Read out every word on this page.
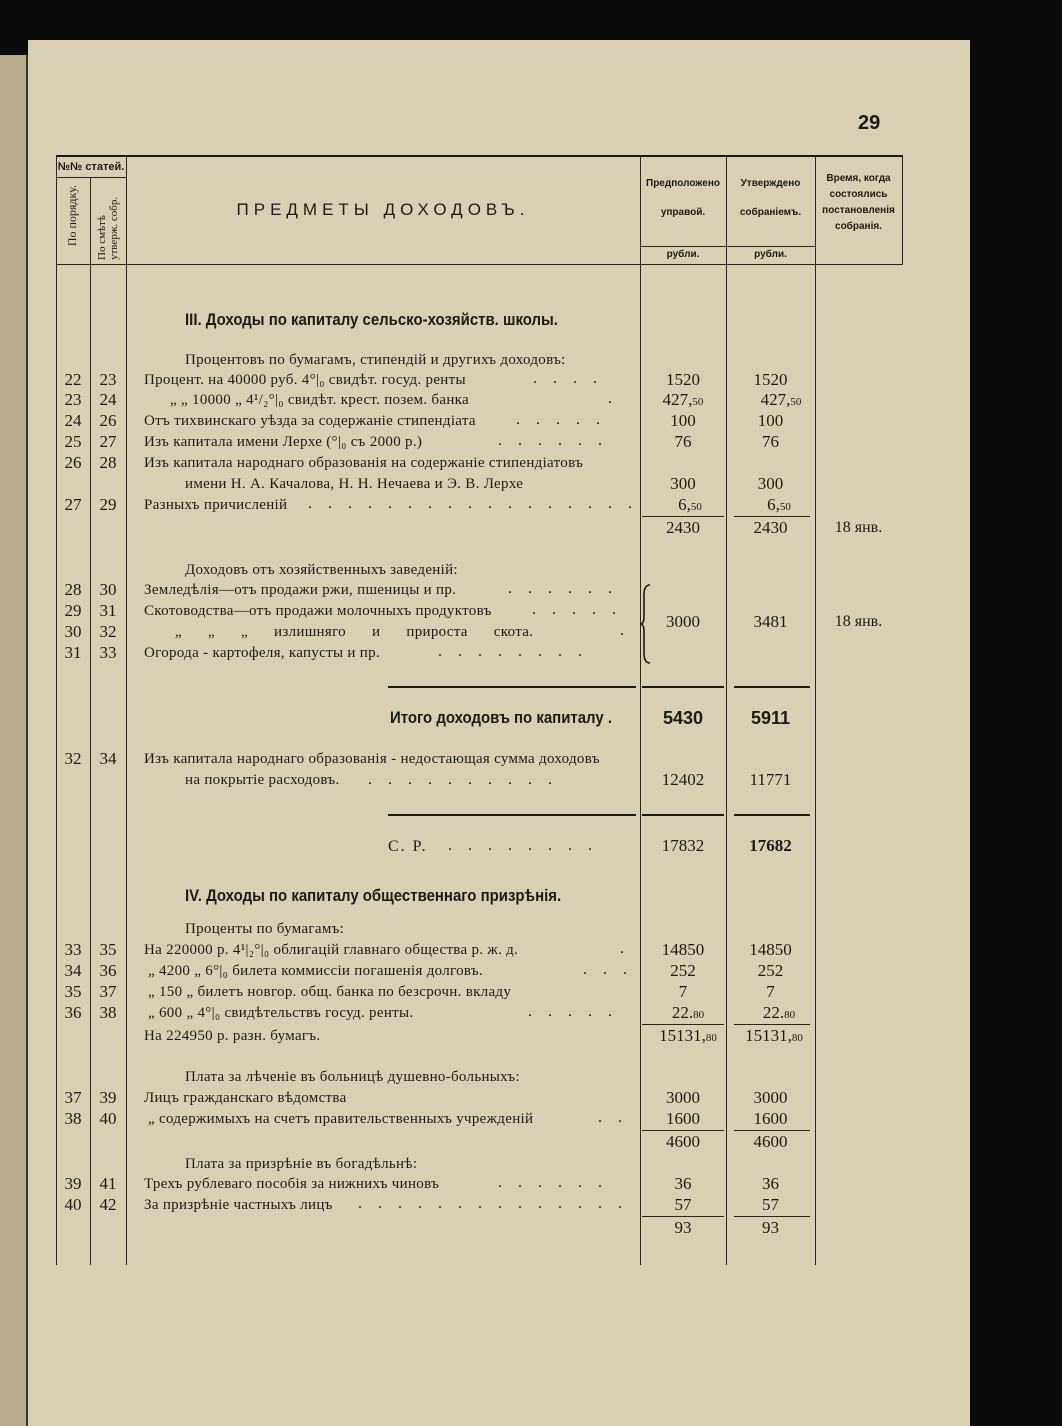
29
№№ статей.
По порядку. По смѣтѣ утверж. собр.	ПРЕДМЕТЫ ДОХОДОВЪ.
Предположено
управой.
Утверждено
собраніемъ.
Время, когда
состоялись
постановленія
собранія.
рубли.	рубли.
III. Доходы по капиталу сельско-хозяйств. школы.
Процентовъ по бумагамъ, стипендій и другихъ доходовъ:
22	23	Процент. на 40000 руб. 4°|₀ свидѣт. госуд. ренты	. . . .	1520	1520
23	24	„ „ 10000 „ 4¹/₂°|₀ свидѣт. крест. позем. банка	.	427,50	427,50
24	26	Отъ тихвинскаго уѣзда за содержаніе стипендіата	. . . . .	100	100
25	27	Изъ капитала имени Лерхе (°|₀ съ 2000 р.)	. . . . . .	76	76
26	28	Изъ капитала народнаго образованія на содержаніе стипендіатовъ
имени Н. А. Качалова, Н. Н. Нечаева и Э. В. Лерхе	300	300
27	29	Разныхъ причисленій . . . . . . . . . . . . . . . . .	6,50	6,50
2430	2430	18 янв.
Доходовъ отъ хозяйственныхъ заведеній:
28	30	Земледѣлія—отъ продажи ржи, пшеницы и пр.	. . . . . .
29	31	Скотоводства—отъ продажи молочныхъ продуктовъ	. . . . .
30	32	„ „ „ излишняго и прироста скота.	.
31	33	Огорода - картофеля, капусты и пр.	. . . . . . . .
3000	3481	18 янв.
Итого доходовъ по капиталу .	5430	5911
32	34	Изъ капитала народнаго образованія - недостающая сумма доходовъ
на покрытіе расходовъ. . . . . . . . . . .	12402	11771
С. Р. . . . . . . . .	17832	17682
IV. Доходы по капиталу общественнаго призрѣнія.
Проценты по бумагамъ:
33	35	На 220000 р. 4¹|₂°|₀ облигацій главнаго общества р. ж. д.	.	14850	14850
34	36	„ 4200 „ 6°|₀ билета коммиссіи погашенія долговъ.	. . .	252	252
35	37	„ 150 „ билетъ новгор. общ. банка по безсрочн. вкладу	7	7
36	38	„ 600 „ 4°|₀ свидѣтельствъ госуд. ренты.	. . . . .	22.80	22.80
На 224950 р. разн. бумагъ.	15131,80	15131,80
Плата за лѣченіе въ больницѣ душевно-больныхъ:
37	39	Лицъ гражданскаго вѣдомства	3000	3000
38	40	„ содержимыхъ на счетъ правительственныхъ учрежденій	. .	1600	1600
4600	4600
Плата за призрѣніе въ богадѣльнѣ:
39	41	Трехъ рублеваго пособія за нижнихъ чиновъ	. . . . . .	36	36
40	42	За призрѣніе частныхъ лицъ . . . . . . . . . . . . . .	57	57
93	93
